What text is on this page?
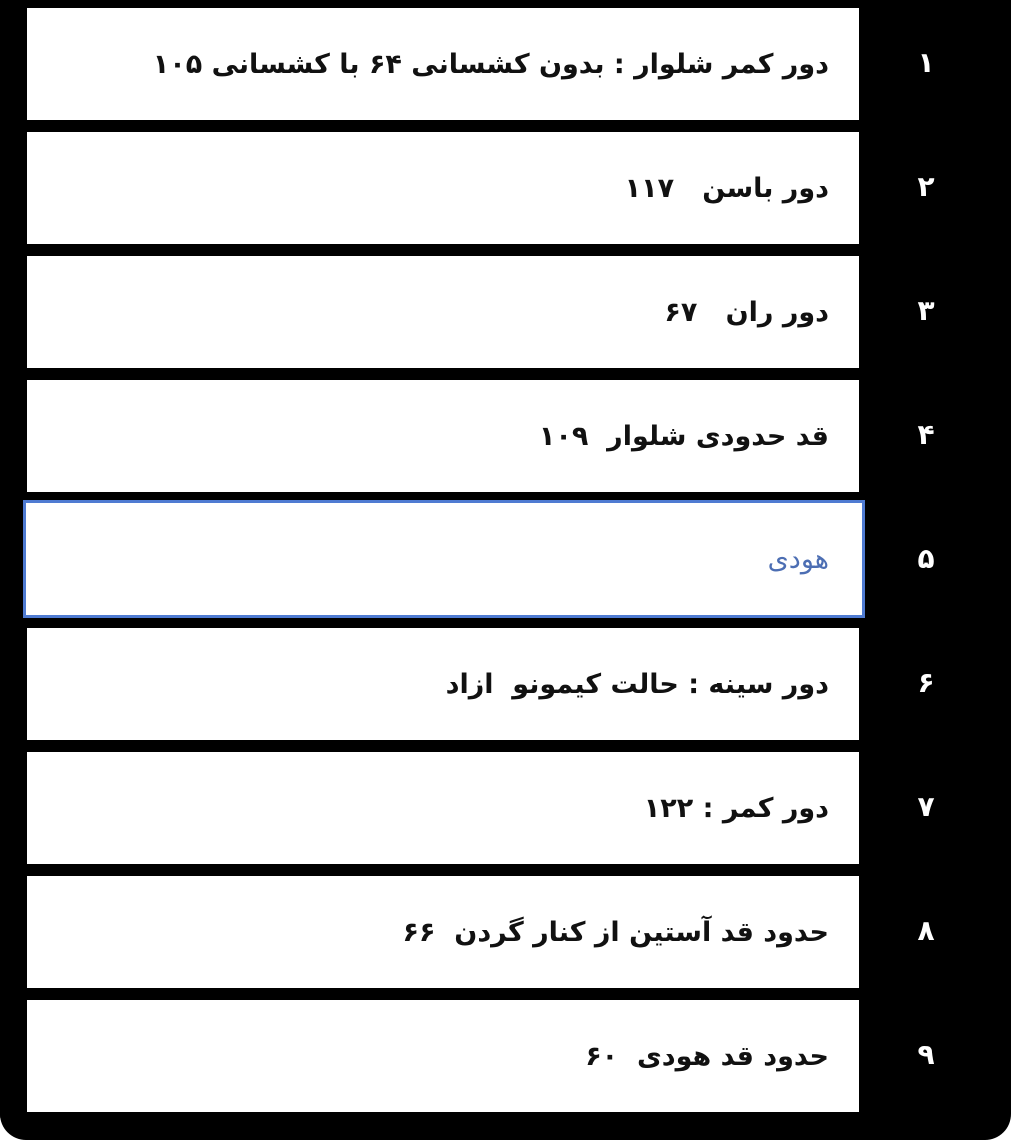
دور کمر شلوار : بدون کشسانی ۶۴ با کشسانی ۱۰۵	۱
دور باسن   ۱۱۷	۲
دور ران   ۶۷	۳
قد حدودی شلوار  ۱۰۹	۴
هودی	۵
دور سینه : حالت کیمونو  ازاد	۶
دور کمر : ۱۲۲	۷
حدود قد آستین از کنار گردن  ۶۶	۸
حدود قد هودی  ۶۰	۹
